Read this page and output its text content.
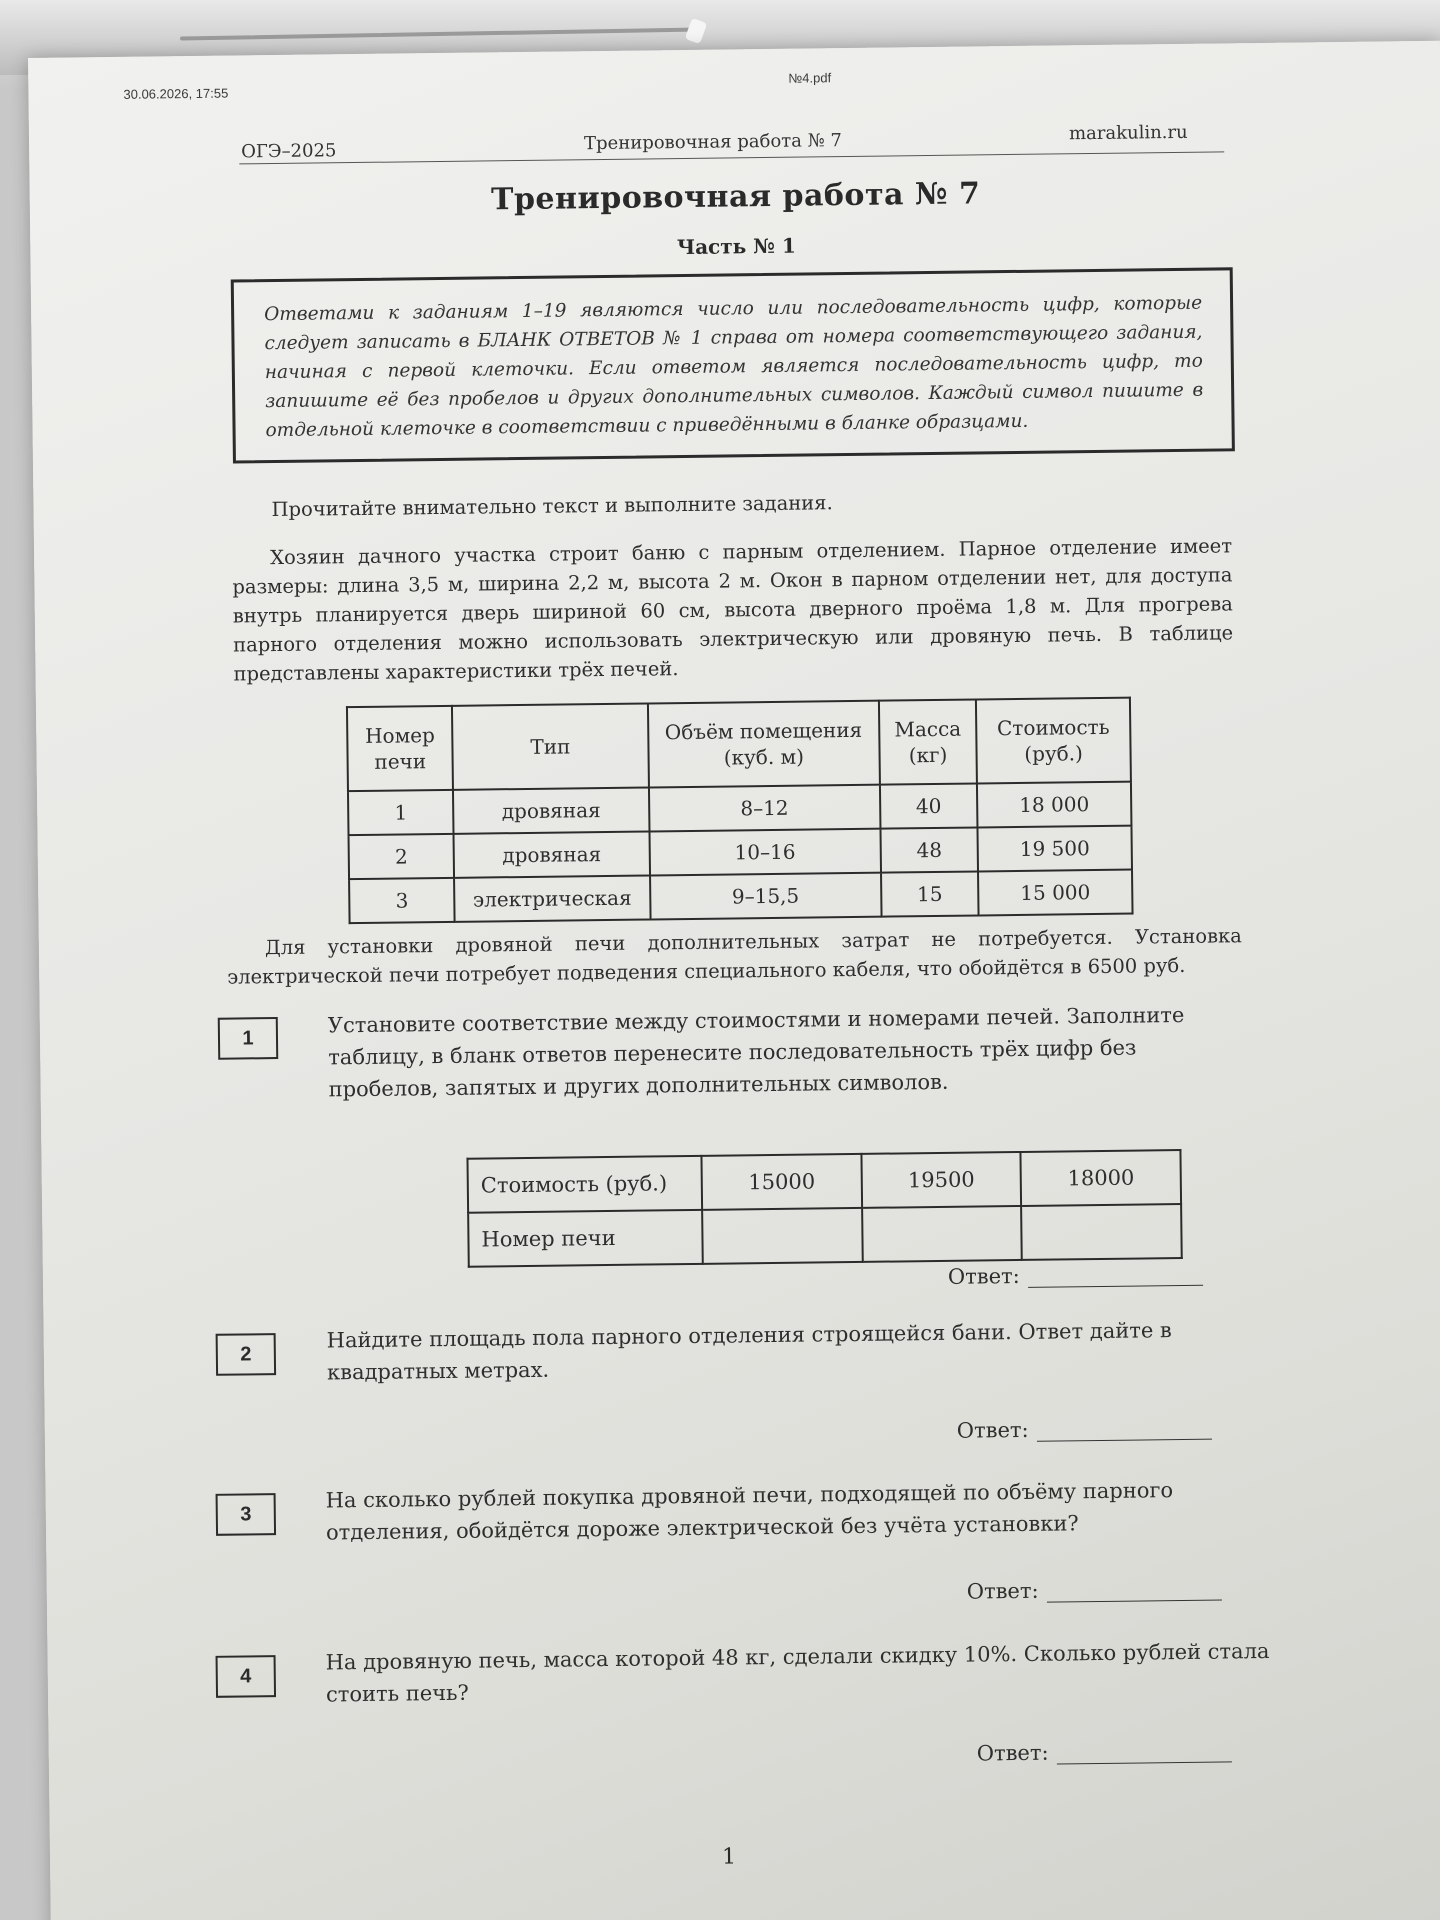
30.06.2026, 17:55
№4.pdf
ОГЭ–2025	Тренировочная работа № 7	marakulin.ru
Тренировочная работа № 7
Часть № 1
Ответами к заданиям 1–19 являются число или последовательность цифр, которые следует записать в БЛАНК ОТВЕТОВ № 1 справа от номера соответствующего задания, начиная с первой клеточки. Если ответом является последовательность цифр, то запишите её без пробелов и других дополнительных символов. Каждый символ пишите в отдельной клеточке в соответствии с приведёнными в бланке образцами.
Прочитайте внимательно текст и выполните задания.
Хозяин дачного участка строит баню с парным отделением. Парное отделение имеет размеры: длина 3,5 м, ширина 2,2 м, высота 2 м. Окон в парном отделении нет, для доступа внутрь планируется дверь шириной 60 см, высота дверного проёма 1,8 м. Для прогрева парного отделения можно использовать электрическую или дровяную печь. В таблице представлены характеристики трёх печей.
Номер печи	Тип	Объём помещения (куб. м)	Масса (кг)	Стоимость (руб.)
1	дровяная	8–12	40	18 000
2	дровяная	10–16	48	19 500
3	электрическая	9–15,5	15	15 000
Для установки дровяной печи дополнительных затрат не потребуется. Установка электрической печи потребует подведения специального кабеля, что обойдётся в 6500 руб.
1
Установите соответствие между стоимостями и номерами печей. Заполните таблицу, в бланк ответов перенесите последовательность трёх цифр без пробелов, запятых и других дополнительных символов.
Стоимость (руб.)	15000	19500	18000
Номер печи			
Ответ:
2
Найдите площадь пола парного отделения строящейся бани. Ответ дайте в квадратных метрах.
Ответ:
3
На сколько рублей покупка дровяной печи, подходящей по объёму парного отделения, обойдётся дороже электрической без учёта установки?
Ответ:
4
На дровяную печь, масса которой 48 кг, сделали скидку 10%. Сколько рублей стала стоить печь?
Ответ:
1
